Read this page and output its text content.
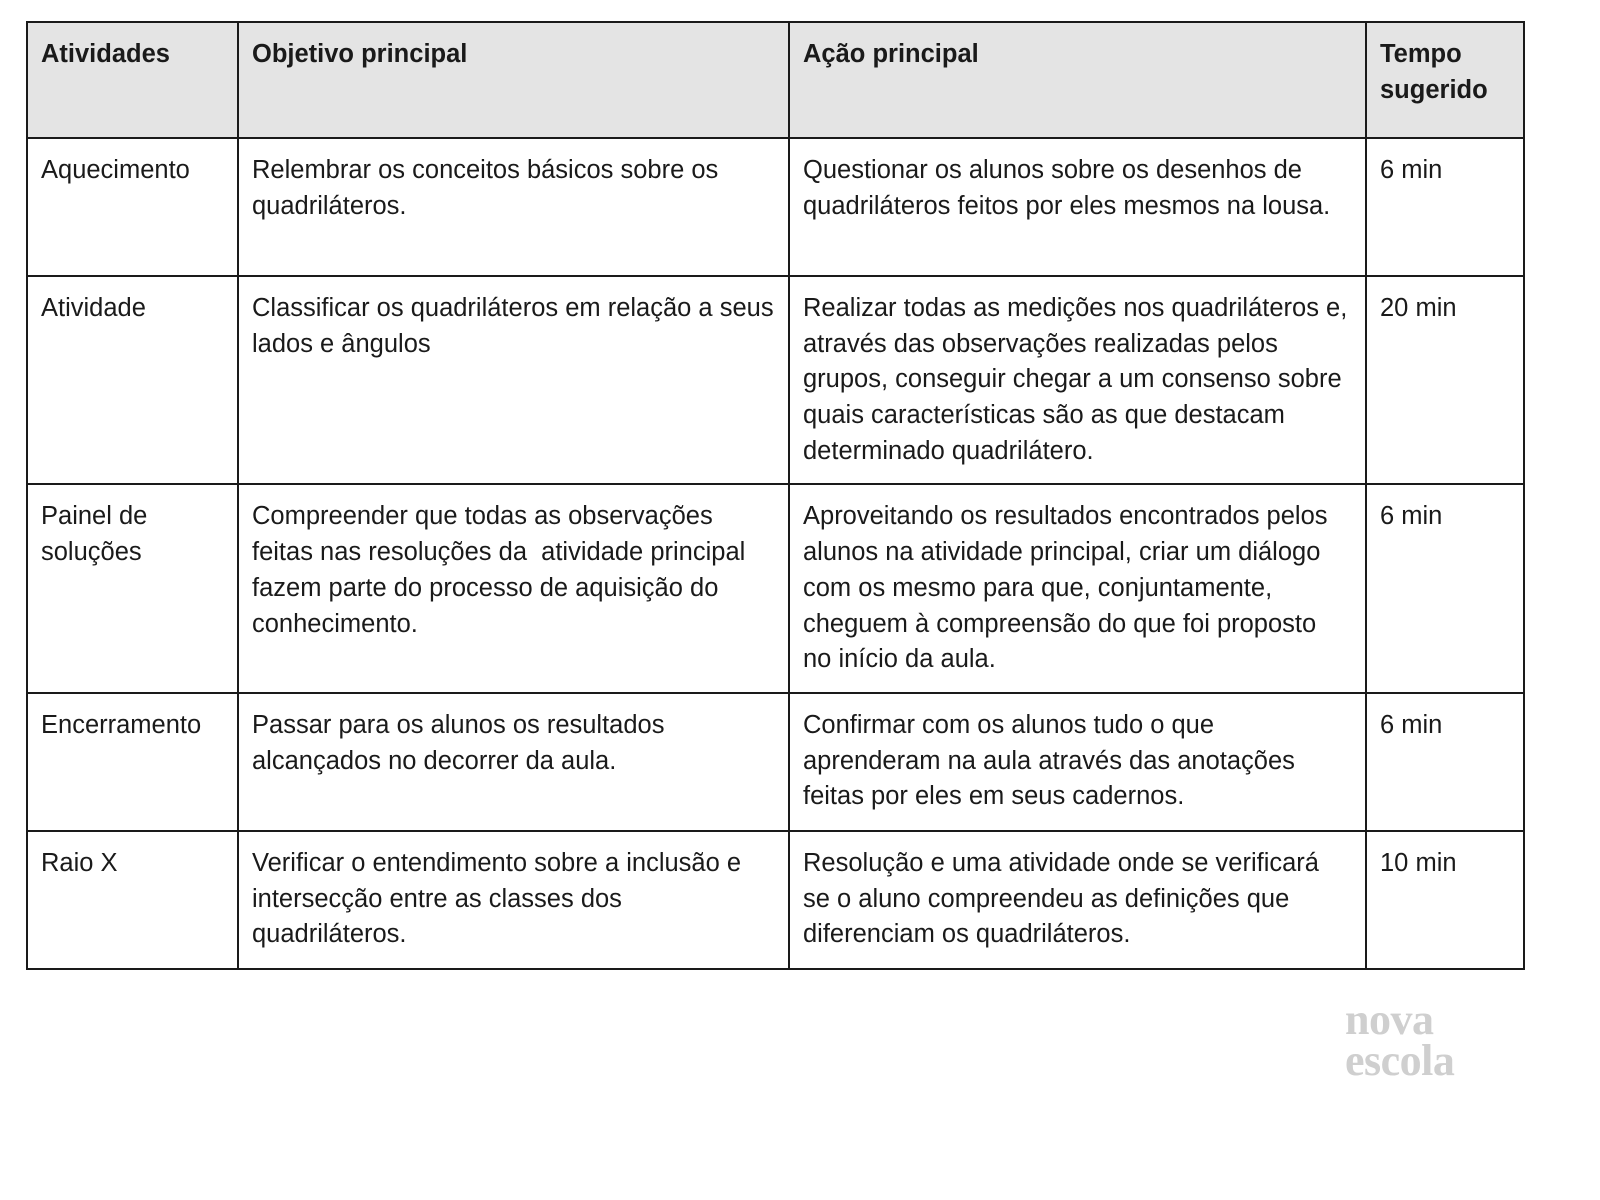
Atividades	Objetivo principal	Ação principal	Tempo sugerido
Aquecimento	Relembrar os conceitos básicos sobre os quadriláteros.	Questionar os alunos sobre os desenhos de quadriláteros feitos por eles mesmos na lousa.	6 min
Atividade	Classificar os quadriláteros em relação a seus lados e ângulos	Realizar todas as medições nos quadriláteros e, através das observações realizadas pelos grupos, conseguir chegar a um consenso sobre quais características são as que destacam determinado quadrilátero.	20 min
Painel de soluções	Compreender que todas as observações feitas nas resoluções da  atividade principal fazem parte do processo de aquisição do conhecimento.	Aproveitando os resultados encontrados pelos alunos na atividade principal, criar um diálogo com os mesmo para que, conjuntamente, cheguem à compreensão do que foi proposto no início da aula.	6 min
Encerramento	Passar para os alunos os resultados alcançados no decorrer da aula.	Confirmar com os alunos tudo o que aprenderam na aula através das anotações feitas por eles em seus cadernos.	6 min
Raio X	Verificar o entendimento sobre a inclusão e intersecção entre as classes dos quadriláteros.	Resolução e uma atividade onde se verificará se o aluno compreendeu as definições que diferenciam os quadriláteros.	10 min
nova
escola
